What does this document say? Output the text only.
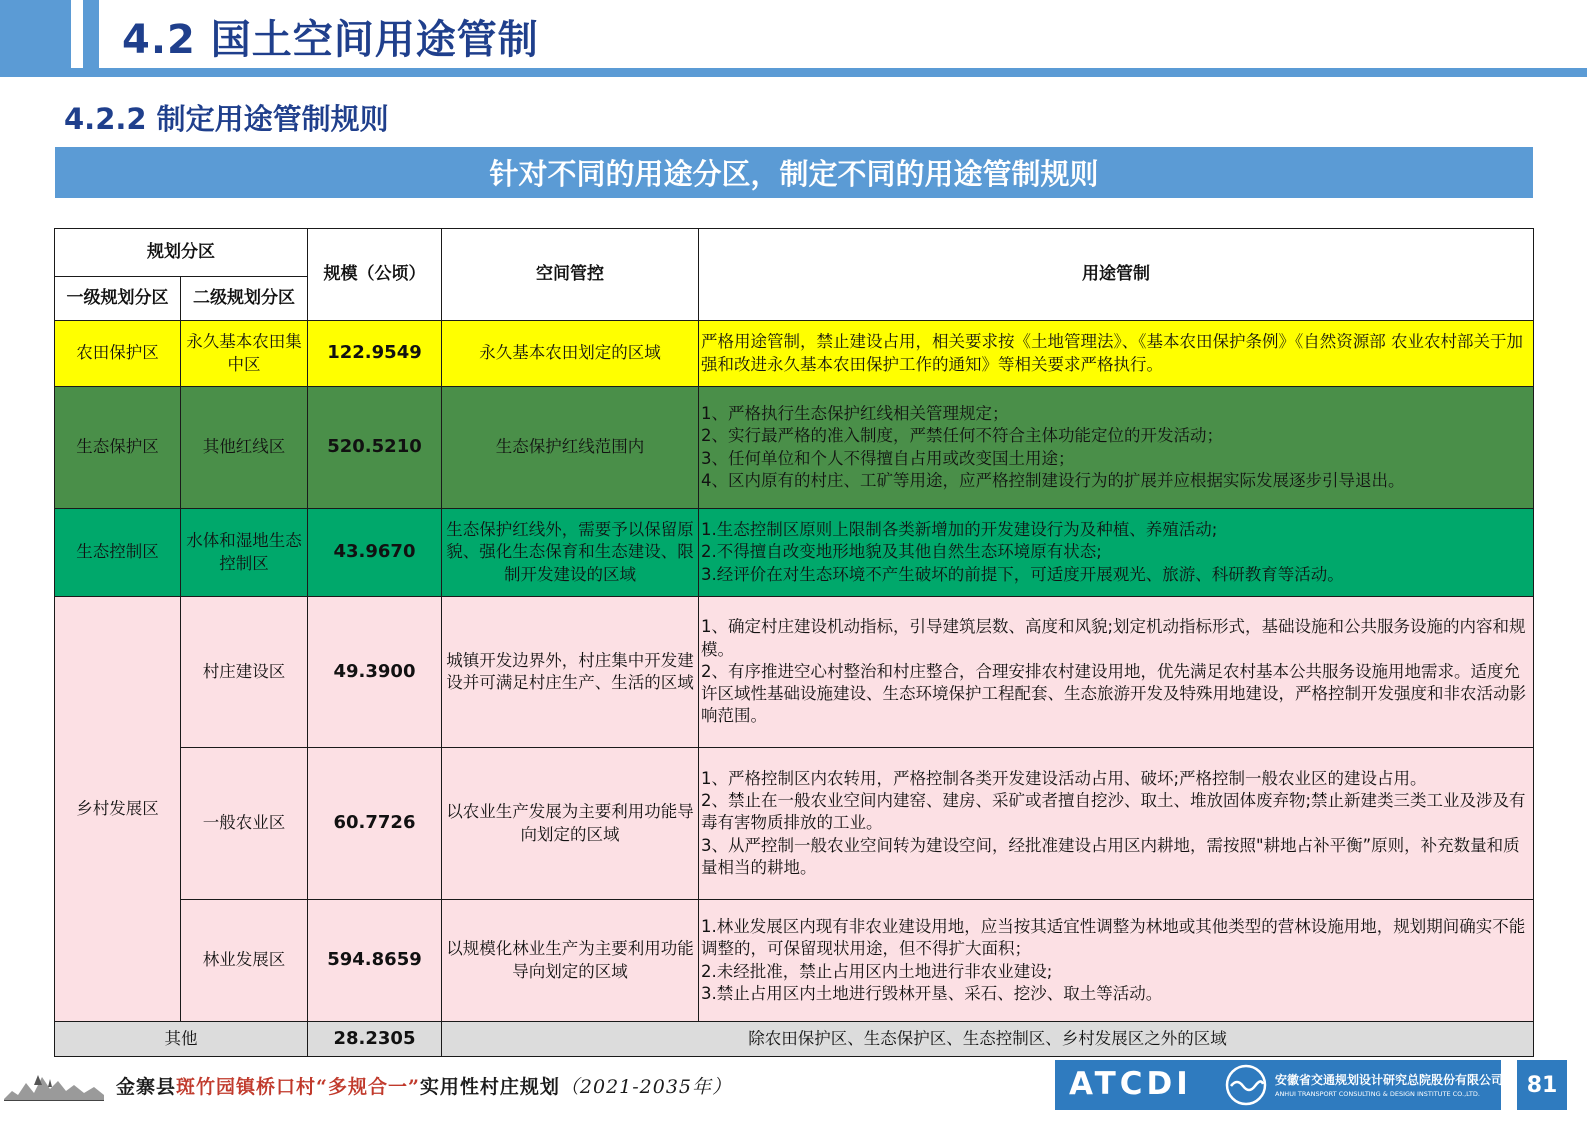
4.2 国土空间用途管制
4.2.2 制定用途管制规则
针对不同的用途分区，制定不同的用途管制规则
规划分区		规模（公顷）	空间管控	用途管制
一级规划分区	二级规划分区			
农田保护区	永久基本农田集中区	122.9549	永久基本农田划定的区域	严格用途管制，禁止建设占用，相关要求按《土地管理法》、《基本农田保护条例》《自然资源部 农业农村部关于加强和改进永久基本农田保护工作的通知》等相关要求严格执行。

生态保护区	其他红线区	520.5210	生态保护红线范围内	1、严格执行生态保护红线相关管理规定；
2、实行最严格的准入制度，严禁任何不符合主体功能定位的开发活动；
3、任何单位和个人不得擅自占用或改变国土用途；
4、区内原有的村庄、工矿等用途，应严格控制建设行为的扩展并应根据实际发展逐步引导退出。

生态控制区	水体和湿地生态控制区	43.9670	生态保护红线外，需要予以保留原貌、强化生态保育和生态建设、限制开发建设的区域	1.生态控制区原则上限制各类新增加的开发建设行为及种植、养殖活动;
2.不得擅自改变地形地貌及其他自然生态环境原有状态;
3.经评价在对生态环境不产生破坏的前提下，可适度开展观光、旅游、科研教育等活动。

乡村发展区	村庄建设区	49.3900	城镇开发边界外，村庄集中开发建设并可满足村庄生产、生活的区域	1、确定村庄建设机动指标，引导建筑层数、高度和风貌;划定机动指标形式，基础设施和公共服务设施的内容和规模。
2、有序推进空心村整治和村庄整合，合理安排农村建设用地，优先满足农村基本公共服务设施用地需求。适度允许区域性基础设施建设、生态环境保护工程配套、生态旅游开发及特殊用地建设，严格控制开发强度和非农活动影响范围。

	一般农业区	60.7726	以农业生产发展为主要利用功能导向划定的区域	1、严格控制区内农转用，严格控制各类开发建设活动占用、破坏;严格控制一般农业区的建设占用。
2、禁止在一般农业空间内建窑、建房、采矿或者擅自挖沙、取土、堆放固体废弃物;禁止新建类三类工业及涉及有毒有害物质排放的工业。
3、从严控制一般农业空间转为建设空间，经批准建设占用区内耕地，需按照"耕地占补平衡”原则，补充数量和质量相当的耕地。

	林业发展区	594.8659	以规模化林业生产为主要利用功能导向划定的区域	1.林业发展区内现有非农业建设用地，应当按其适宜性调整为林地或其他类型的营林设施用地，规划期间确实不能调整的，可保留现状用途，但不得扩大面积；
2.未经批准，禁止占用区内土地进行非农业建设;
3.禁止占用区内土地进行毁林开垦、采石、挖沙、取土等活动。

其他		28.2305	除农田保护区、生态保护区、生态控制区、乡村发展区之外的区域	
金寨县斑竹园镇桥口村“多规合一”实用性村庄规划（2021-2035年）	ATCDI	安徽省交通规划设计研究总院股份有限公司
ANHUI TRANSPORT CONSULTING & DESIGN INSTITUTE CO.,LTD.	81
